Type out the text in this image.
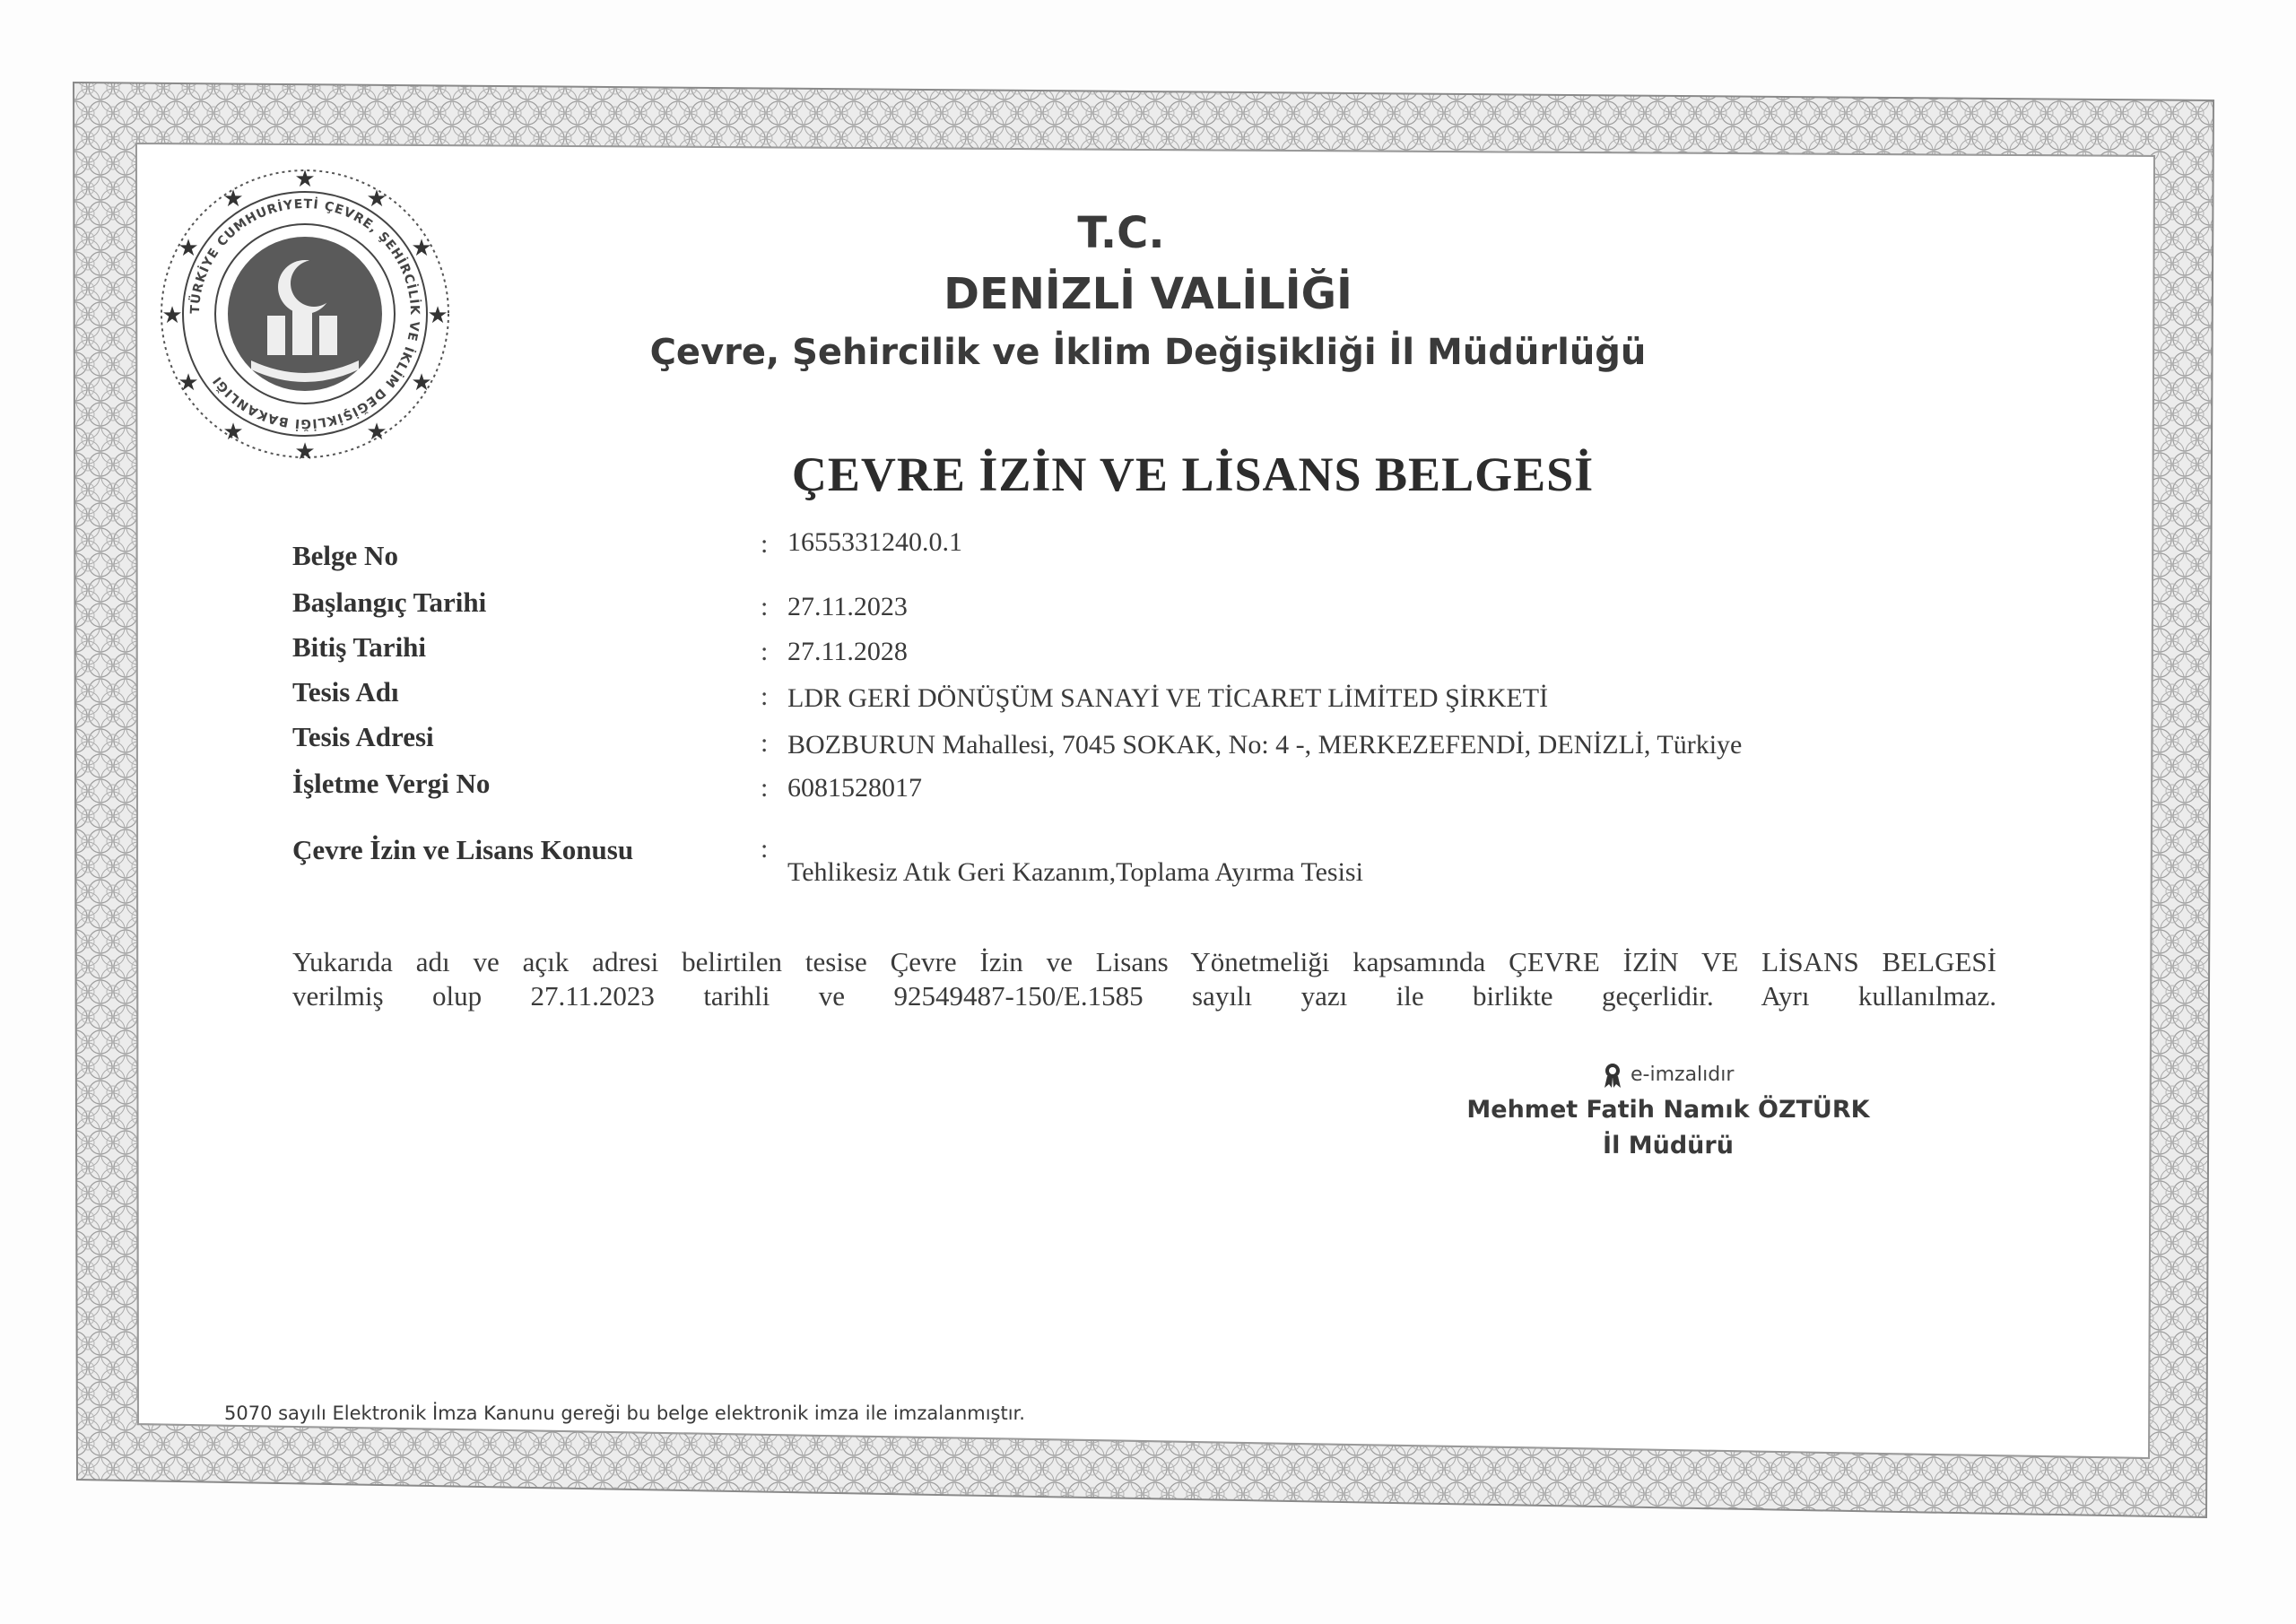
TÜRKİYE CUMHURİYETİ ÇEVRE, ŞEHİRCİLİK VE İKLİM DEĞİŞİKLİĞİ BAKANLIĞI
★
★
★
★
★
★
★
★
★
★
★
★
T.C.
DENİZLİ VALİLİĞİ
Çevre, Şehircilik ve İklim Değişikliği İl Müdürlüğü
ÇEVRE İZİN VE LİSANS BELGESİ
Belge No	: 1655331240.0.1
Başlangıç Tarihi	: 27.11.2023
Bitiş Tarihi	: 27.11.2028
Tesis Adı	: LDR GERİ DÖNÜŞÜM SANAYİ VE TİCARET LİMİTED ŞİRKETİ
Tesis Adresi	: BOZBURUN Mahallesi, 7045 SOKAK, No: 4 -, MERKEZEFENDİ, DENİZLİ, Türkiye
İşletme Vergi No	: 6081528017
Çevre İzin ve Lisans Konusu	:
Tehlikesiz Atık Geri Kazanım,Toplama Ayırma Tesisi
Yukarıda adı ve açık adresi belirtilen tesise Çevre İzin ve Lisans Yönetmeliği kapsamında ÇEVRE İZİN VE LİSANS BELGESİ
verilmiş olup 27.11.2023 tarihli ve 92549487-150/E.1585 sayılı yazı ile birlikte geçerlidir. Ayrı kullanılmaz.
e-imzalıdır
Mehmet Fatih Namık ÖZTÜRK
İl Müdürü
5070 sayılı Elektronik İmza Kanunu gereği bu belge elektronik imza ile imzalanmıştır.
